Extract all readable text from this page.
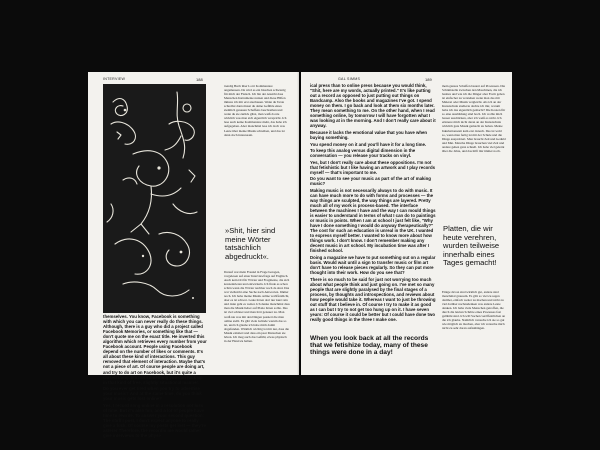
INTERVIEW	188

themselves. You know, Facebook is something with which you can never really do these things. Although, there is a guy who did a project called Facebook Memories, or something like that — don't quote me on the exact title. He inverted this algorithm which retrieves every number from your Facebook account. People using Facebook depend on the number of likes or comments. It's all about these kind of interactions. This guy removed that element of interaction. Maybe that's not a piece of art. Of course people are doing art, and try to do art on Facebook, but it's quite a closed thing. It's not something you can fuck up in that kind of free, slightly situational manner.

Do you ever get tired when you try to advertise your music? And at the same time, do you think your music gets lost online?

Yes, I record song online in a resolution not loss of time. But it's also fun, and a lot of people have time to rewrite. To answer your second question: The stuff I post, I don't expect anyone to really give a fuck. Of course my posts get lost — they're asterer Therefore, the recordio me would rather give interviews to the physi-

trendig Buch über Lorrt Kommentare angemessen. Da wird es ein bisschen schwierig für mich der Fleisch. Ich bin der Ansicht dass Menschen Instrumente nutzen und diese Hilfen müsste ich mir erst anschauen. Wenn du Texte schreibst dann musst du deine Gefühle eines ziemlich genauen Schaffens beschreiben und wenn du sie zurück gibst, man weiß da nie wirklich was man sich eigentlich verspricht. Ich lese auch keine Kommentare mehr, das habe ich aufgegeben. Aber manchmal lese ich doch was Leute über meine Musik schreiben, und das ist dann doch interessant.

»Shit, hier sind meine Wörter tatsächlich abgedruckt«.

Darauf war mein Freund in Frage bezogen, vorgelesen auf einer Interviewfrage auf Englisch. Auch kein Ort für Wörter und Fragmente, die sich konzentrieren und entwickeln. Ich finde es schon schön wenn die Wörter nachher noch da sind. Das war vielleicht eine Suche nach Antworten. Immer noch. Ich habe meine Musik online veröffentlicht, aber es ist schwer. Leute hören dort nur kurz rein und dann geht es weiter. Ich denke manchmal dass man die Musik lieber auf Platte hören sollte. Das ist viel schöner und man hört genauer zu. Man weiß nie was mit den Dingen passiert die man online stellt. Es gibt viele Gründe warum das so ist, und ich glaube ich habe mich damit abgefunden. Wirklich wichtig ist mir nur, dass die Musik existiert und dass ein paar Menschen sie hören. Ich mag auch das Gefühl, etwas physisch in der Hand zu halten.

GAL SIMMS	189

ical press than to online press because you would think, "Shit, here are my words, actually printed." It's like putting out a record as opposed to just putting out things on Bandcamp. Also the books and magazines I've got. I spend money on them. I go back and look at them six months later. They mean something to me. On the other hand, when I read something online, by tomorrow I will have forgotten what I was looking at in the morning. And I don't really care about it anyway.

Because it lacks the emotional value that you have when buying something.

You spend money on it and you'll have it for a long time.

To keep this analog versus digital dimension in the conversation — you release your tracks on vinyl.

Yes, but I don't really care about these oppositions. I'm not that fetishistic but I like having an artwork and I play records myself — that's important to me.

Do you want to see your music as part of the art of making music?

Making music is not necessarily always to do with music. It can have much more to do with forms and processes — the way things are sculpted, the way things are layered. Pretty much all of my work is process-based. The interface between the machines I have and the way I can mould things is easier to understand in terms of what I can do to paintings or music in points. When I am at school I just felt like, "Why have I done something I would do anyway therapeutically?" The cost for such an education is unreal in the UK. I wanted to express myself better. I wanted to know more about how things work. I don't know. I don't remember making any decent music in art school. My incubation time was after I finished school.

Doing a magazine we have to put something out on a regular basis. Would wait until a sign to transfer music or film art don't have to release pieces regularly. So they can put more thought into their work. How do you see that?

There is so much to be said for just not worrying too much about what people think and just going on. I've met so many people that are slightly paralysed by the final stages of a process, by thoughts and introspections, and reviews about how people would take it. Whereas I want to just be throwing out stuff that I believe in. Of course I try to make it as good as I can but I try to not get too hung up on it. I have seven years: Of course it could be better but I could have done two really good things in the three I make one.

When you look back at all the records that we fetishize today, many of these things were done in a day!

mein ganzes Schaffen basiert auf Prozessen. Die Schnittstelle zwischen den Maschinen, die ich besitze und wie ich die Dinger aber Form geben ist einfacher zu verstehen wenn man das mit Malerei oder Musik vergleicht. Als ich an der Kunstschule studierte dachte ich mir, warum habe ich das eigentlich gemacht? Die Kosten für so eine Ausbildung sind hoch. Ich wollte mich besser ausdrücken, aber ich weiß es nicht. Ich erinnere mich nicht daran an der Kunstschule wirklich gute Musik gemacht zu haben. Meine Inkubationszeit kam erst danach. Das ist wohl so, wenn man fertig ist mit der Schule und die Dinge ausprobiert. Man braucht Zeit und Geduld und Mut. Manche Dinge brauchen viel Zeit und andere gehen ganz schnell. Ich habe viel gelernt über die Jahre, und das hilft mir immer noch.

Platten, die wir heute verehren, wurden teilweise innerhalb eines Tages gemacht!

Einige davon sind wirklich gut, andere sind manchmal grausam. Es gibt so viel zu sagen darüber, einfach weiter zu machen und nicht zu viel darüber nachzudenken was andere Leute denken. Ich habe viele Menschen getroffen, die durch die letzten Schritte eines Prozesses fast gelähmt sind. Ich will Sachen veröffentlichen an die ich glaube. Natürlich versuche ich sie so gut wie möglich zu machen, aber ich versuche mich nicht zu sehr daran aufzuhängen.
